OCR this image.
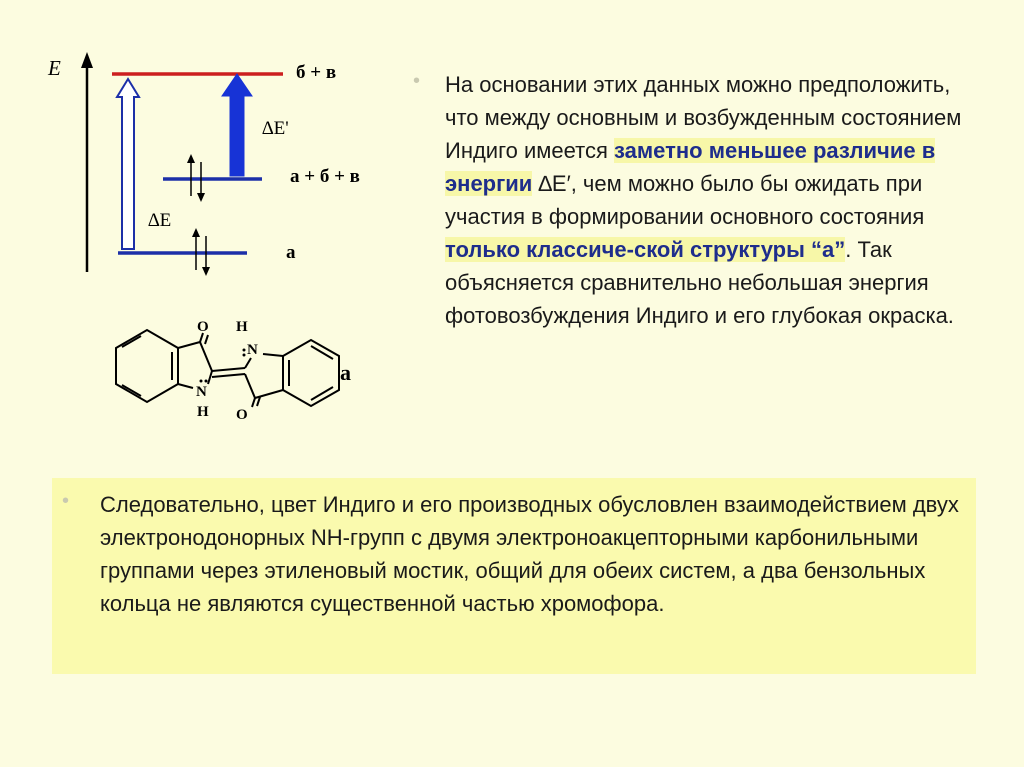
E	б + в
а + б + в
а
∆E'
∆E
O H
N
N
H O
а
• На основании этих данных можно предположить, что между основным и возбужденным состоянием Индиго имеется заметно меньшее различие в энергии ∆E′, чем можно было бы ожидать при участия в формировании основного состояния только классиче-ской структуры “а”. Так объясняется сравнительно небольшая энергия фотовозбуждения Индиго и его глубокая окраска.
• Следовательно, цвет Индиго и его производных обусловлен взаимодействием двух электронодонорных NH-групп с двумя электроноакцепторными карбонильными группами через этиленовый мостик, общий для обеих систем, а два бензольных кольца не являются существенной частью хромофора.
